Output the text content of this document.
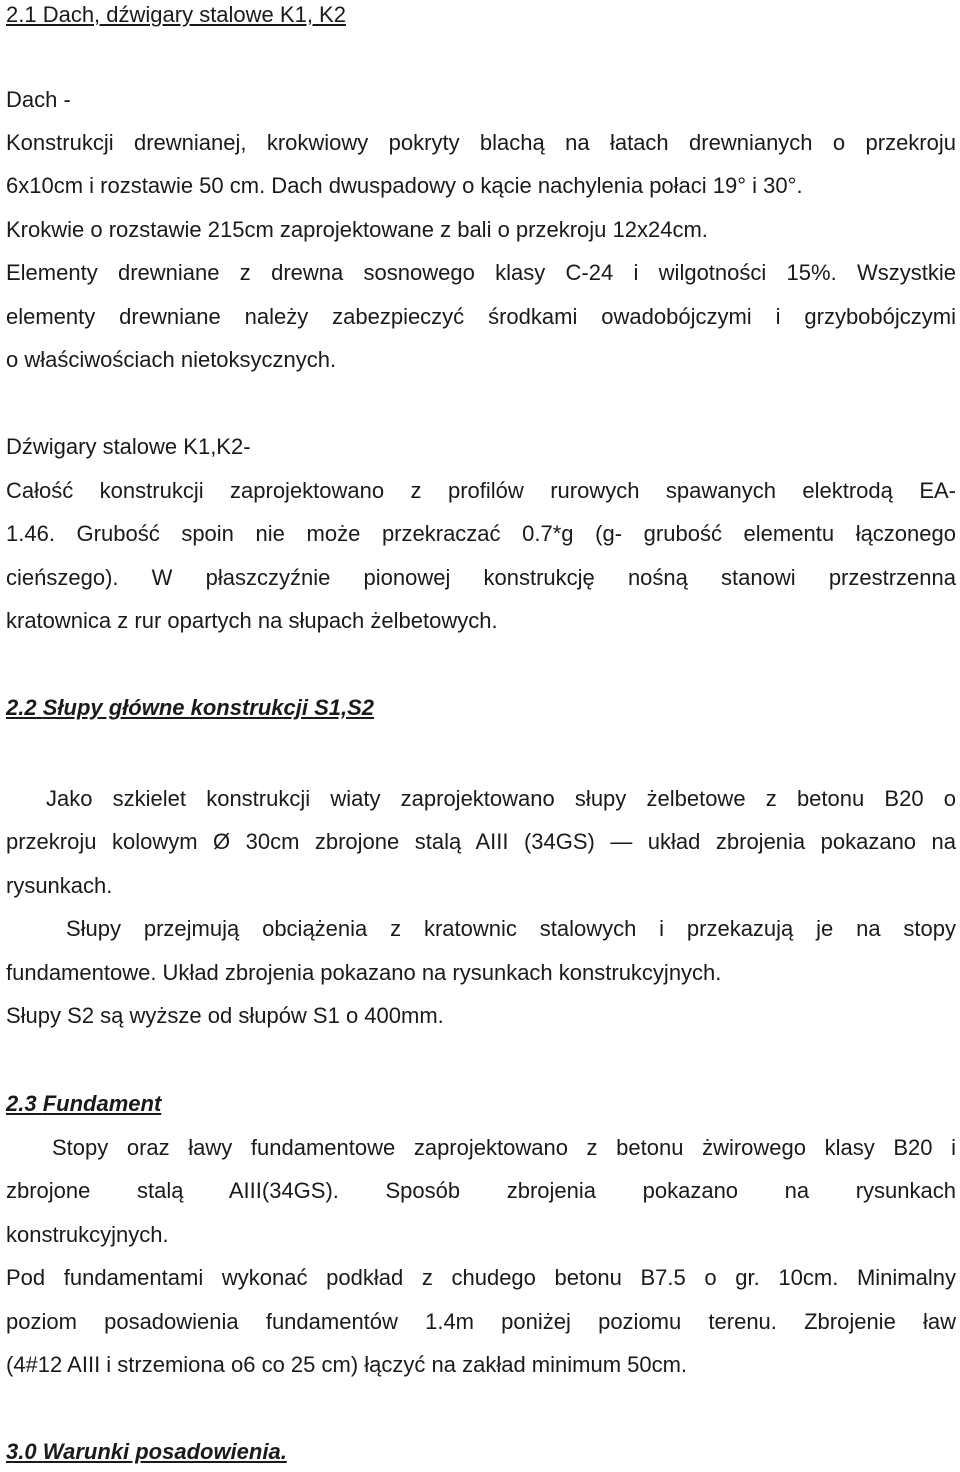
2.1 Dach, dźwigary stalowe K1, K2
Dach -
Konstrukcji drewnianej, krokwiowy pokryty blachą na łatach drewnianych o przekroju
6x10cm i rozstawie 50 cm. Dach dwuspadowy o kącie nachylenia połaci 19° i 30°.
Krokwie o rozstawie 215cm zaprojektowane z bali o przekroju 12x24cm.
Elementy drewniane z drewna sosnowego klasy C-24 i wilgotności 15%. Wszystkie
elementy drewniane należy zabezpieczyć środkami owadobójczymi i grzybobójczymi
o właściwościach nietoksycznych.
Dźwigary stalowe K1,K2-
Całość konstrukcji zaprojektowano z profilów rurowych spawanych elektrodą EA-
1.46. Grubość spoin nie może przekraczać 0.7*g (g- grubość elementu łączonego
cieńszego). W płaszczyźnie pionowej konstrukcję nośną stanowi przestrzenna
kratownica z rur opartych na słupach żelbetowych.
2.2 Słupy główne konstrukcji S1,S2
Jako szkielet konstrukcji wiaty zaprojektowano słupy żelbetowe z betonu B20 o
przekroju kolowym Ø 30cm zbrojone stalą AIII (34GS) — układ zbrojenia pokazano na
rysunkach.
Słupy przejmują obciążenia z kratownic stalowych i przekazują je na stopy
fundamentowe. Układ zbrojenia pokazano na rysunkach konstrukcyjnych.
Słupy S2 są wyższe od słupów S1 o 400mm.
2.3 Fundament
Stopy oraz ławy fundamentowe zaprojektowano z betonu żwirowego klasy B20 i
zbrojone stalą AIII(34GS). Sposób zbrojenia pokazano na rysunkach
konstrukcyjnych.
Pod fundamentami wykonać podkład z chudego betonu B7.5 o gr. 10cm. Minimalny
poziom posadowienia fundamentów 1.4m poniżej poziomu terenu. Zbrojenie ław
(4#12 AIII i strzemiona o6 co 25 cm) łączyć na zakład minimum 50cm.
3.0 Warunki posadowienia.
